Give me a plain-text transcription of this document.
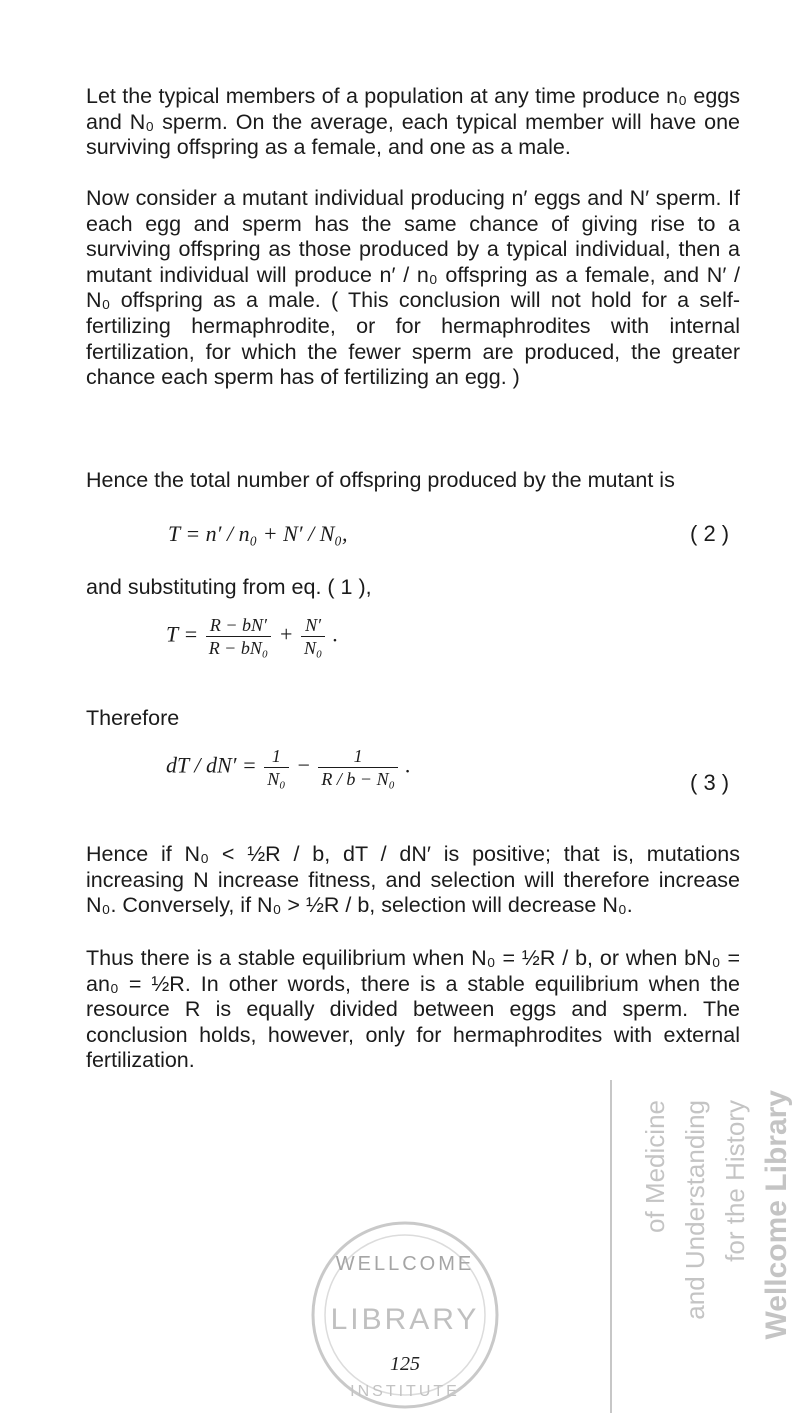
Let the typical members of a population at any time produce n₀ eggs and N₀ sperm. On the average, each typical member will have one surviving offspring as a female, and one as a male.

Now consider a mutant individual producing n′ eggs and N′ sperm. If each egg and sperm has the same chance of giving rise to a surviving offspring as those produced by a typical individual, then a mutant individual will produce n′ / n₀ offspring as a female, and N′ / N₀ offspring as a male. ( This conclusion will not hold for a self-fertilizing hermaphrodite, or for hermaphrodites with internal fertilization, for which the fewer sperm are produced, the greater chance each sperm has of fertilizing an egg. )

Hence the total number of offspring produced by the mutant is

T = n′ / n₀ + N′ / N₀,	( 2 )

and substituting from eq. ( 1 ),

$T = \frac{R - bN'}{\text{R − bN₀}} + \frac{N'}{\text{N₀}}$ .

Therefore

dT / $dN' = \frac{1}{\text{N₀}} - \frac{1}{\text{R / b − N₀}}$ .
( 3 )

Hence if N₀ < ½R / b, dT / dN′ is positive; that is, mutations increasing N increase fitness, and selection will therefore increase N₀. Conversely, if N₀ > ½R / b, selection will decrease N₀.

Thus there is a stable equilibrium when N₀ = ½R / b, or when bN₀ = an₀ = ½R. In other words, there is a stable equilibrium when the resource R is equally divided between eggs and sperm. The conclusion holds, however, only for hermaphrodites with external fertilization.

WELLCOME
LIBRARY
125
INSTITUTE
Wellcome Library
for the History
and Understanding
of Medicine
